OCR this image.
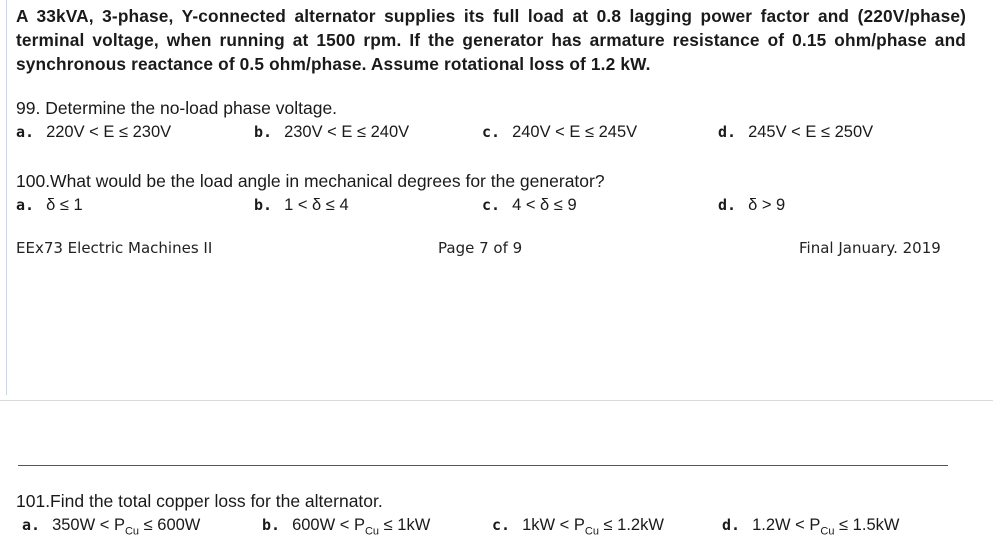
A 33kVA, 3-phase, Y-connected alternator supplies its full load at 0.8 lagging power factor and (220V/phase) terminal voltage, when running at 1500 rpm. If the generator has armature resistance of 0.15 ohm/phase and synchronous reactance of 0.5 ohm/phase. Assume rotational loss of 1.2 kW.
99. Determine the no-load phase voltage.
a. 220V < E ≤ 230V	b. 230V < E ≤ 240V	c. 240V < E ≤ 245V	d. 245V < E ≤ 250V
100.What would be the load angle in mechanical degrees for the generator?
a. δ ≤ 1	b. 1 < δ ≤ 4	c. 4 < δ ≤ 9	d. δ > 9
EEx73 Electric Machines II	Page 7 of 9	Final January. 2019
101.Find the total copper loss for the alternator.
a. $350W < P_{Cu} \le 600W$	b. $600W < P_{Cu} \le 1kW$	c. $1kW < P_{Cu} \le 1.2kW$	d. $1.2W < P_{Cu} \le 1.5kW$
